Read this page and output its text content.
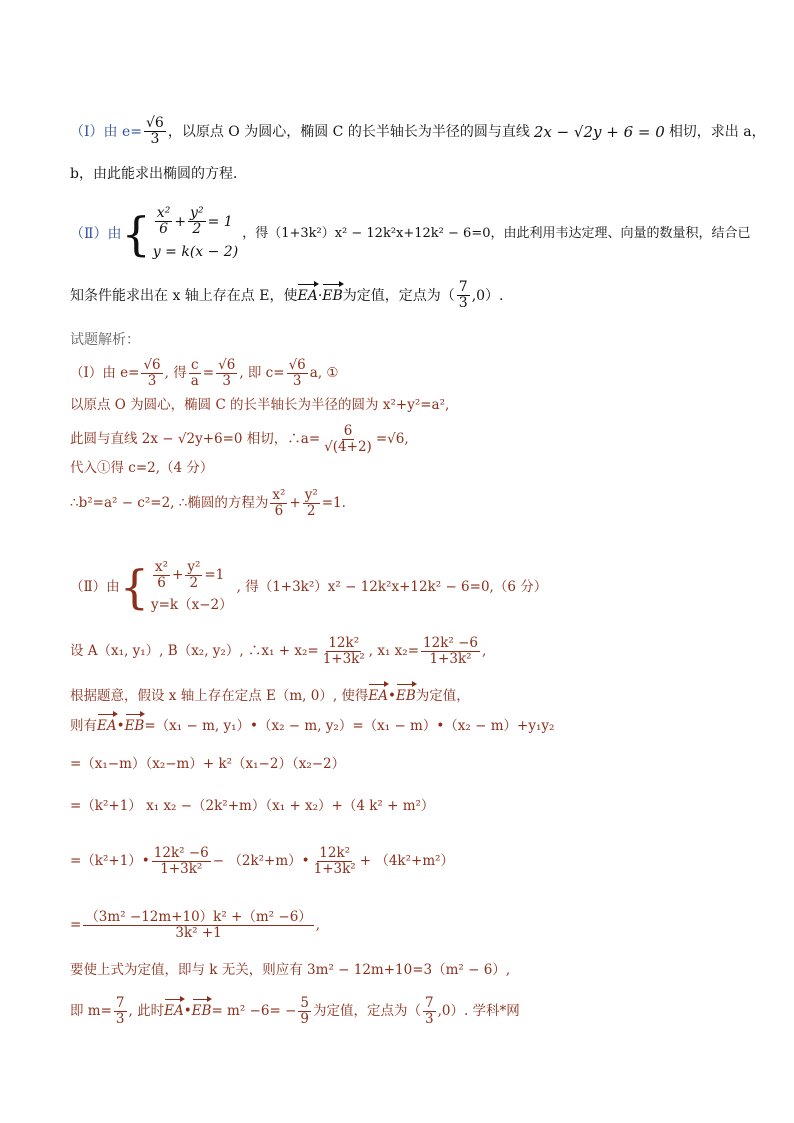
（Ⅰ）由 $e= \frac{√6}{3}$ ，以原点 O 为圆心，椭圆 C 的长半轴长为半径的圆与直线 2x − √2y + 6 = 0 相切，求出 a，
b，由此能求出椭圆的方程．
（Ⅱ）由 { $\frac{\text{x²}}{6} + \frac{\text{y²}}{2} = 1$
y = k(x − 2)
，得（1+3k²）x² − 12k²x+12k² − 6=0，由此利用韦达定理、向量的数量积，结合已
知条件能求出在 x 轴上存在点 E，使 EA · EB 为定值，定点为（ $\frac{7}{3} ,0$）.
试题解析：
（Ⅰ）由 $e= \frac{√6}{3}$ , 得 $\frac{c}{a} = \frac{√6}{3}$ , 即 $c= \frac{√6}{3} a$, ①
以原点 O 为圆心，椭圆 C 的长半轴长为半径的圆为 x²+y²=a²,
此圆与直线 2x − √2y+6=0 相切，∴a= $\frac{6}{√(4+2)} =√6$,
代入①得 c=2,（4 分）
∴b²=a² − c²=2, ∴椭圆的方程为 $\frac{\text{x²}}{6} + \frac{\text{y²}}{2} =1$.
（Ⅱ）由 { $\frac{\text{x²}}{6} + \frac{\text{y²}}{2} =1$
y=k（x−2）
, 得（1+3k²）x² − 12k²x+12k² − 6=0,（6 分）
设 A（x₁, y₁）, B（x₂, y₂）, ∴x₁ + $x_2= \frac{\text{12k²}}{\text{1+3k²}}$ , x₁ $x_2= \frac{\text{12k² −6}}{\text{1+3k²}}$ ,
根据题意，假设 x 轴上存在定点 E（m, 0）, 使得 EA • EB 为定值，
则有 EA • EB =（x₁ − m, y₁）•（x₂ − m, y₂）=（x₁ − m）•（x₂ − m）+y₁y₂
=（x₁−m）（x₂−m）+ k²（x₁−2）（x₂−2）
=（k²+1） x₁ x₂ −（2k²+m）（x₁ + x₂）+（4 k² + m²）
=（k²+1）• $\frac{\text{12k² −6}}{\text{1+3k²}}$ − （2k²+m）• $\frac{\text{12k²}}{\text{1+3k²}} + (4k^2+m^2)$
= $\frac{\text{（3m² −12m+10）k² +（m² −6）}}{\text{3k² +1}}$ ,
要使上式为定值，即与 k 无关，则应有 3m² − 12m+10=3（m² − 6）,
即 $m= \frac{7}{3}$ , 此时 EA • EB = $m^2 -6= - \frac{5}{9}$ 为定值，定点为（ $\frac{7}{3} ,0$）. 学科*网
